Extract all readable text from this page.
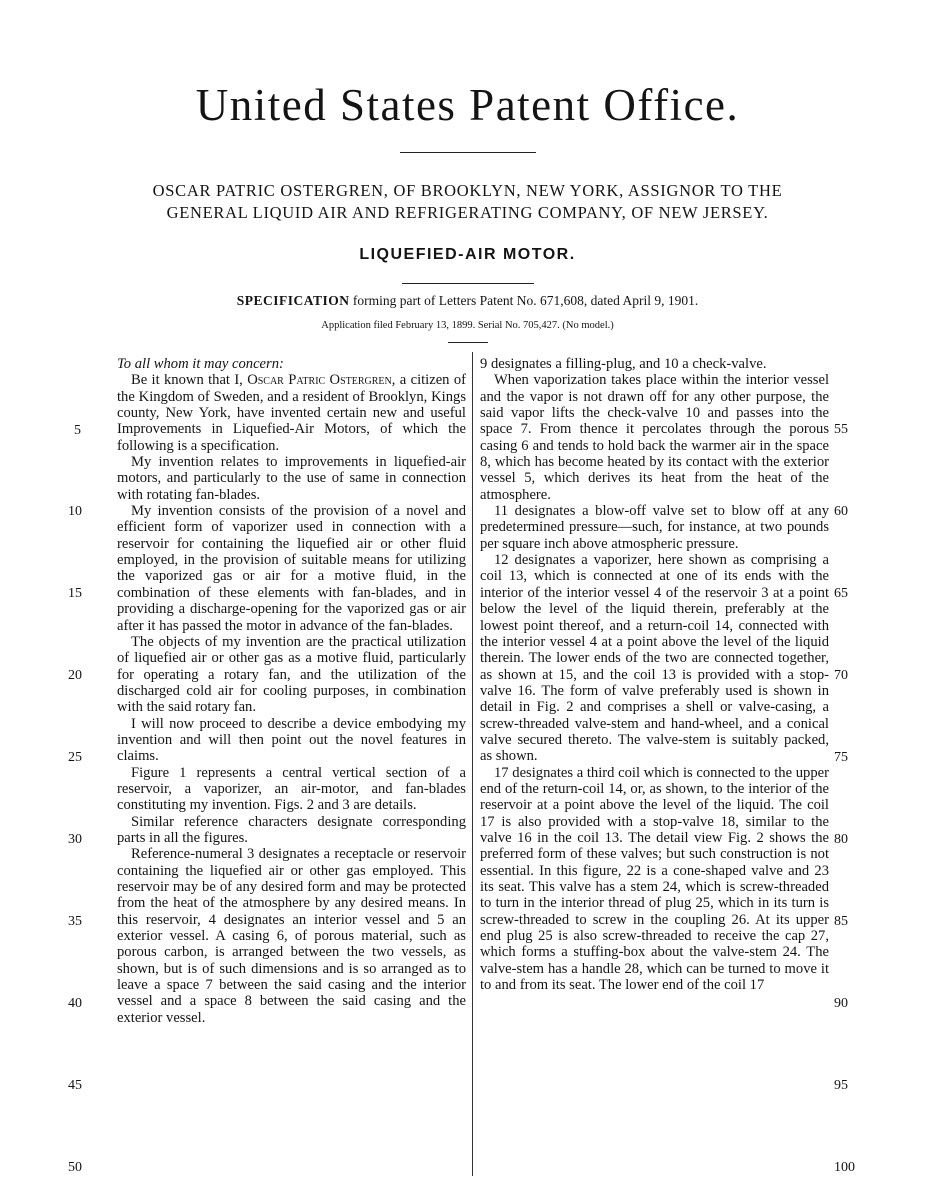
United States Patent Office.
OSCAR PATRIC OSTERGREN, OF BROOKLYN, NEW YORK, ASSIGNOR TO THE
GENERAL LIQUID AIR AND REFRIGERATING COMPANY, OF NEW JERSEY.
LIQUEFIED-AIR MOTOR.
SPECIFICATION forming part of Letters Patent No. 671,608, dated April 9, 1901.
Application filed February 13, 1899. Serial No. 705,427. (No model.)

To all whom it may concern:

Be it known that I, Oscar Patric Ostergren, a citizen of the Kingdom of Sweden, and a resident of Brooklyn, Kings county, New York, have invented certain new and useful Improvements in Liquefied-Air Motors, of which the following is a specification.

My invention relates to improvements in liquefied-air motors, and particularly to the use of same in connection with rotating fan-blades.

My invention consists of the provision of a novel and efficient form of vaporizer used in connection with a reservoir for containing the liquefied air or other fluid employed, in the provision of suitable means for utilizing the vaporized gas or air for a motive fluid, in the combination of these elements with fan-blades, and in providing a discharge-opening for the vaporized gas or air after it has passed the motor in advance of the fan-blades.

The objects of my invention are the practical utilization of liquefied air or other gas as a motive fluid, particularly for operating a rotary fan, and the utilization of the discharged cold air for cooling purposes, in combination with the said rotary fan.

I will now proceed to describe a device embodying my invention and will then point out the novel features in claims.

Figure 1 represents a central vertical section of a reservoir, a vaporizer, an air-motor, and fan-blades constituting my invention. Figs. 2 and 3 are details.

Similar reference characters designate corresponding parts in all the figures.

Reference-numeral 3 designates a receptacle or reservoir containing the liquefied air or other gas employed. This reservoir may be of any desired form and may be protected from the heat of the atmosphere by any desired means. In this reservoir, 4 designates an interior vessel and 5 an exterior vessel. A casing 6, of porous material, such as porous carbon, is arranged between the two vessels, as shown, but is of such dimensions and is so arranged as to leave a space 7 between the said casing and the interior vessel and a space 8 between the said casing and the exterior vessel.

9 designates a filling-plug, and 10 a check-valve.

When vaporization takes place within the interior vessel and the vapor is not drawn off for any other purpose, the said vapor lifts the check-valve 10 and passes into the space 7. From thence it percolates through the porous casing 6 and tends to hold back the warmer air in the space 8, which has become heated by its contact with the exterior vessel 5, which derives its heat from the heat of the atmosphere.

11 designates a blow-off valve set to blow off at any predetermined pressure—such, for instance, at two pounds per square inch above atmospheric pressure.

12 designates a vaporizer, here shown as comprising a coil 13, which is connected at one of its ends with the interior of the interior vessel 4 of the reservoir 3 at a point below the level of the liquid therein, preferably at the lowest point thereof, and a return-coil 14, connected with the interior vessel 4 at a point above the level of the liquid therein. The lower ends of the two are connected together, as shown at 15, and the coil 13 is provided with a stop-valve 16. The form of valve preferably used is shown in detail in Fig. 2 and comprises a shell or valve-casing, a screw-threaded valve-stem and hand-wheel, and a conical valve secured thereto. The valve-stem is suitably packed, as shown.

17 designates a third coil which is connected to the upper end of the return-coil 14, or, as shown, to the interior of the reservoir at a point above the level of the liquid. The coil 17 is also provided with a stop-valve 18, similar to the valve 16 in the coil 13. The detail view Fig. 2 shows the preferred form of these valves; but such construction is not essential. In this figure, 22 is a cone-shaped valve and 23 its seat. This valve has a stem 24, which is screw-threaded to turn in the interior thread of plug 25, which in its turn is screw-threaded to screw in the coupling 26. At its upper end plug 25 is also screw-threaded to receive the cap 27, which forms a stuffing-box about the valve-stem 24. The valve-stem has a handle 28, which can be turned to move it to and from its seat. The lower end of the coil 17

5
10
15
20
25
30
35
40
45
50
55
60
65
70
75
80
85
90
95
100
